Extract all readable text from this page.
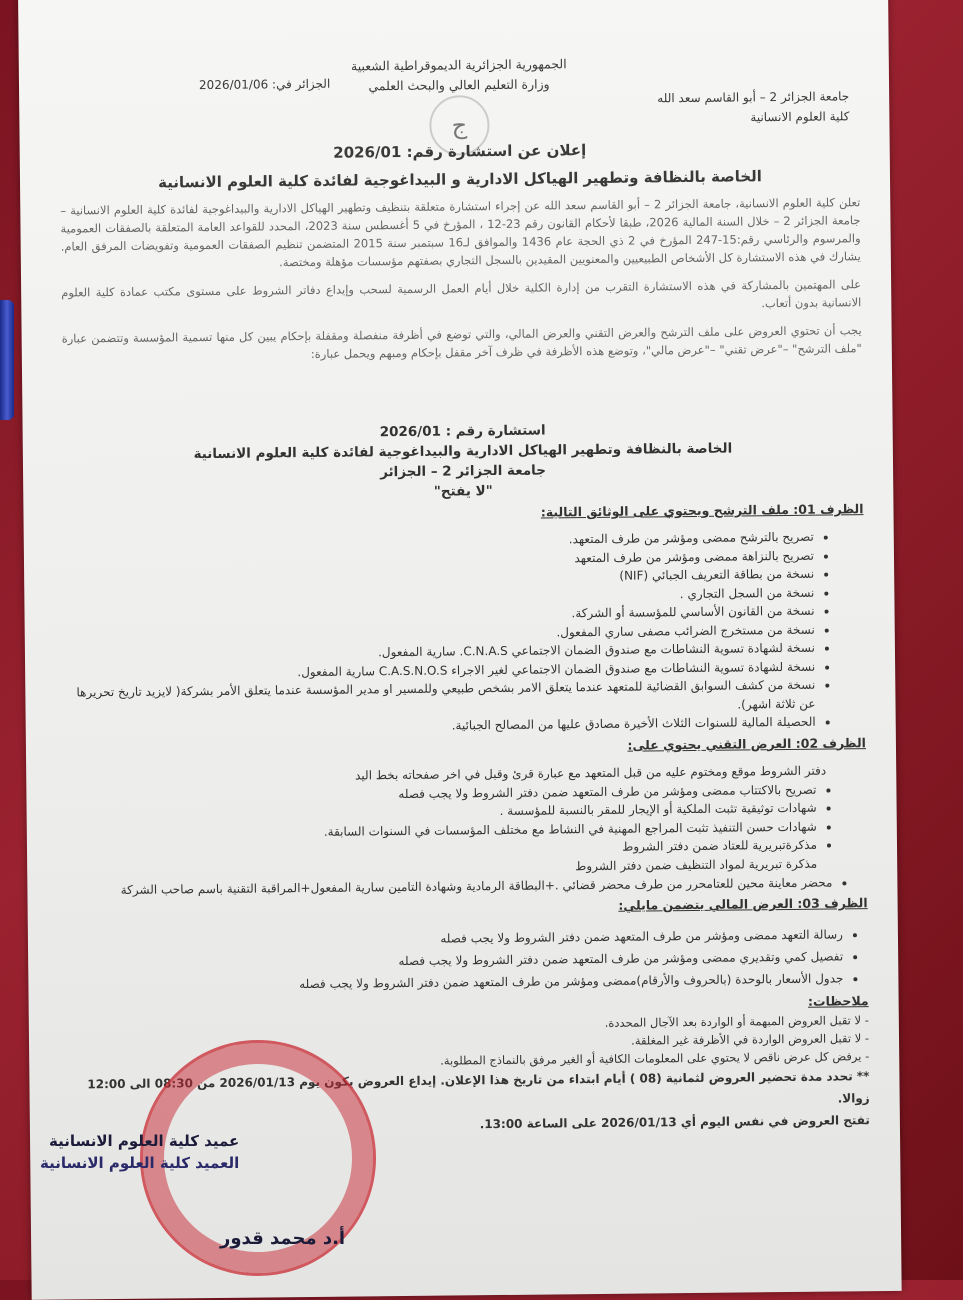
الجمهورية الجزائرية الديموقراطية الشعبية
وزارة التعليم العالي والبحث العلمي
جامعة الجزائر 2 – أبو القاسم سعد الله
كلية العلوم الانسانية
الجزائر في: 2026/01/06
ج
إعلان عن استشارة رقم: 2026/01
الخاصة بالنظافة وتطهير الهياكل الادارية و البيداغوجية لفائدة كلية العلوم الانسانية

تعلن كلية العلوم الانسانية، جامعة الجزائر 2 – أبو القاسم سعد الله عن إجراء استشارة متعلقة بتنظيف وتطهير الهياكل الادارية والبيداغوجية لفائدة كلية العلوم الانسانية – جامعة الجزائر 2 – خلال السنة المالية 2026، طبقا لأحكام القانون رقم 23-12 ، المؤرخ في 5 أغسطس سنة 2023، المحدد للقواعد العامة المتعلقة بالصفقات العمومية والمرسوم والرئاسي رقم:15-247 المؤرخ في 2 ذي الحجة عام 1436 والموافق لـ16 سبتمبر سنة 2015 المتضمن تنظيم الصفقات العمومية وتفويضات المرفق العام. يشارك في هذه الاستشارة كل الأشخاص الطبيعيين والمعنويين المقيدين بالسجل التجاري بصفتهم مؤسسات مؤهلة ومختصة.

على المهتمين بالمشاركة في هذه الاستشارة التقرب من إدارة الكلية خلال أيام العمل الرسمية لسحب وإيداع دفاتر الشروط على مستوى مكتب عمادة كلية العلوم الانسانية بدون أتعاب.

يجب أن تحتوي العروض على ملف الترشح والعرض التقني والعرض المالي، والتي توضع في أظرفة منفصلة ومقفلة بإحكام يبين كل منها تسمية المؤسسة وتتضمن عبارة "ملف الترشح" –"عرض تقني" –"عرض مالي"، وتوضع هذه الأظرفة في ظرف آخر مقفل بإحكام ومبهم ويحمل عبارة:

استشارة رقم : 2026/01
الخاصة بالنظافة وتطهير الهياكل الادارية والبيداغوجية لفائدة كلية العلوم الانسانية
جامعة الجزائر 2 – الجزائر
"لا يفتح"
الظرف 01: ملف الترشح ويحتوي على الوثائق التالية:
• تصريح بالترشح ممضى ومؤشر من طرف المتعهد.
• تصريح بالنزاهة ممضى ومؤشر من طرف المتعهد
• نسخة من بطاقة التعريف الجبائي (NIF)
• نسخة من السجل التجاري .
• نسخة من القانون الأساسي للمؤسسة أو الشركة.
• نسخة من مستخرج الضرائب مصفى ساري المفعول.
• نسخة لشهادة تسوية النشاطات مع صندوق الضمان الاجتماعي C.N.A.S. سارية المفعول.
• نسخة لشهادة تسوية النشاطات مع صندوق الضمان الاجتماعي لغير الاجراء C.A.S.N.O.S سارية المفعول.
• نسخة من كشف السوابق القضائية للمتعهد عندما يتعلق الامر بشخص طبيعي وللمسير او مدير المؤسسة عندما يتعلق الأمر بشركة( لايزيد تاريخ تحريرها عن ثلاثة اشهر).
• الحصيلة المالية للسنوات الثلاث الأخيرة مصادق عليها من المصالح الجبائية.
الظرف 02: العرض التقني يحتوي على:
دفتر الشروط موقع ومختوم عليه من قبل المتعهد مع عبارة قرئ وقبل في اخر صفحاته بخط اليد
• تصريح بالاكتتاب ممضى ومؤشر من طرف المتعهد ضمن دفتر الشروط ولا يجب فصله
• شهادات توثيقية تثبت الملكية أو الإيجار للمقر بالنسبة للمؤسسة .
• شهادات حسن التنفيذ تثبت المراجع المهنية في النشاط مع مختلف المؤسسات في السنوات السابقة.
• مذكرةتبريرية للعتاد ضمن دفتر الشروط
مذكرة تبريرية لمواد التنظيف ضمن دفتر الشروط
• محضر معاينة محين للعتامحرر من طرف محضر قضائي .+البطاقة الرمادية وشهادة التامين سارية المفعول+المراقبة التقنية باسم صاحب الشركة
الظرف 03: العرض المالي يتضمن مايلي:
• رسالة التعهد ممضى ومؤشر من طرف المتعهد ضمن دفتر الشروط ولا يجب فصله
• تفصيل كمي وتقديري ممضى ومؤشر من طرف المتعهد ضمن دفتر الشروط ولا يجب فصله
• جدول الأسعار بالوحدة (بالحروف والأرقام)ممضى ومؤشر من طرف المتعهد ضمن دفتر الشروط ولا يجب فصله
ملاحظات:
- لا تقبل العروض المبهمة أو الواردة بعد الآجال المحددة.
- لا تقبل العروض الواردة في الأظرفة غير المغلقة.
- يرفض كل عرض ناقص لا يحتوي على المعلومات الكافية أو الغير مرفق بالنماذج المطلوبة.
** تحدد مدة تحضير العروض لثمانية (08 ) أيام ابتداء من تاريخ هذا الإعلان. إيداع العروض يكون يوم 2026/01/13 من 08:30 الى 12:00 زوالا.
تفتح العروض في نفس اليوم أي 2026/01/13 على الساعة 13:00.
عميد كلية العلوم الانسانية
العميد كلية العلوم الانسانية
أ.د محمد قدور
